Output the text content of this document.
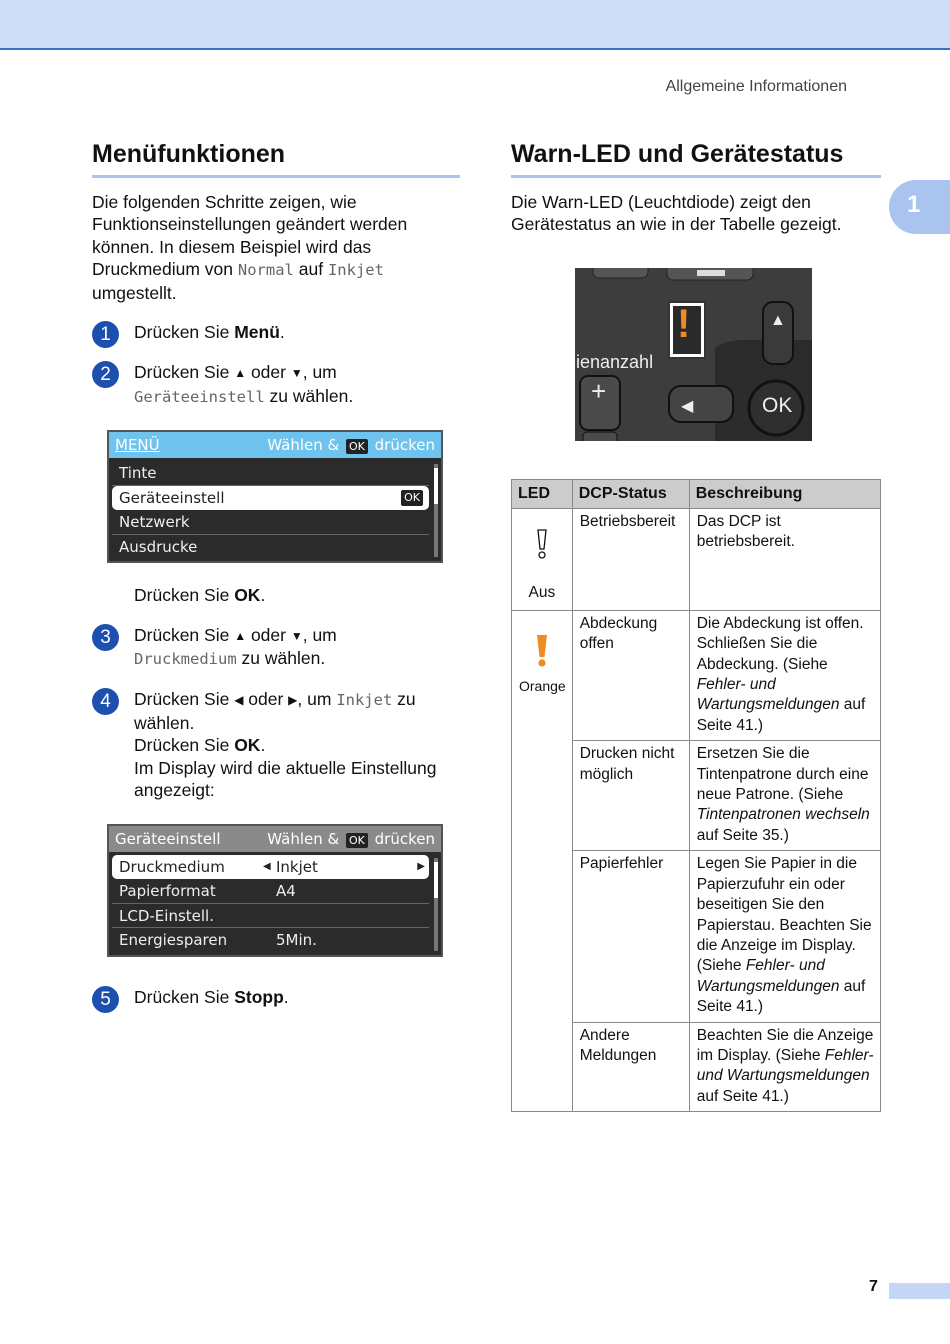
Allgemeine Informationen
1
Menüfunktionen

Die folgenden Schritte zeigen, wie Funktionseinstellungen geändert werden können. In diesem Beispiel wird das Druckmedium von Normal auf Inkjet umgestellt.

1	Drücken Sie Menü.
2	Drücken Sie ▲ oder ▼, um
Geräteeinstell zu wählen.
MENÜ	Wählen & OK drücken
Tinte
Geräteeinstell	OK
Netzwerk
Ausdrucke
Drücken Sie OK.
3	Drücken Sie ▲ oder ▼, um
Druckmedium zu wählen.
4	Drücken Sie ◀ oder ▶, um Inkjet zu wählen.
Drücken Sie OK.
Im Display wird die aktuelle Einstellung angezeigt:
Geräteeinstell	Wählen & OK drücken
Druckmedium	◀ Inkjet	▶
Papierformat	A4
LCD-Einstell.
Energiesparen	5Min.
5	Drücken Sie Stopp.
Warn-LED und Gerätestatus

Die Warn-LED (Leuchtdiode) zeigt den Gerätestatus an wie in der Tabelle gezeigt.

!
ienanzahl
+
▲
◀	OK
LED	DCP-Status	Beschreibung

Aus	Betriebsbereit	Das DCP ist betriebsbereit.

Orange	Abdeckung offen	Die Abdeckung ist offen. Schließen Sie die Abdeckung. (Siehe Fehler- und Wartungsmeldungen auf Seite 41.)
	Drucken nicht möglich	Ersetzen Sie die Tintenpatrone durch eine neue Patrone. (Siehe Tintenpatronen wechseln auf Seite 35.)
	Papierfehler	Legen Sie Papier in die Papierzufuhr ein oder beseitigen Sie den Papierstau. Beachten Sie die Anzeige im Display. (Siehe Fehler- und Wartungsmeldungen auf Seite 41.)
	Andere Meldungen	Beachten Sie die Anzeige im Display. (Siehe Fehler- und Wartungsmeldungen auf Seite 41.)
7
